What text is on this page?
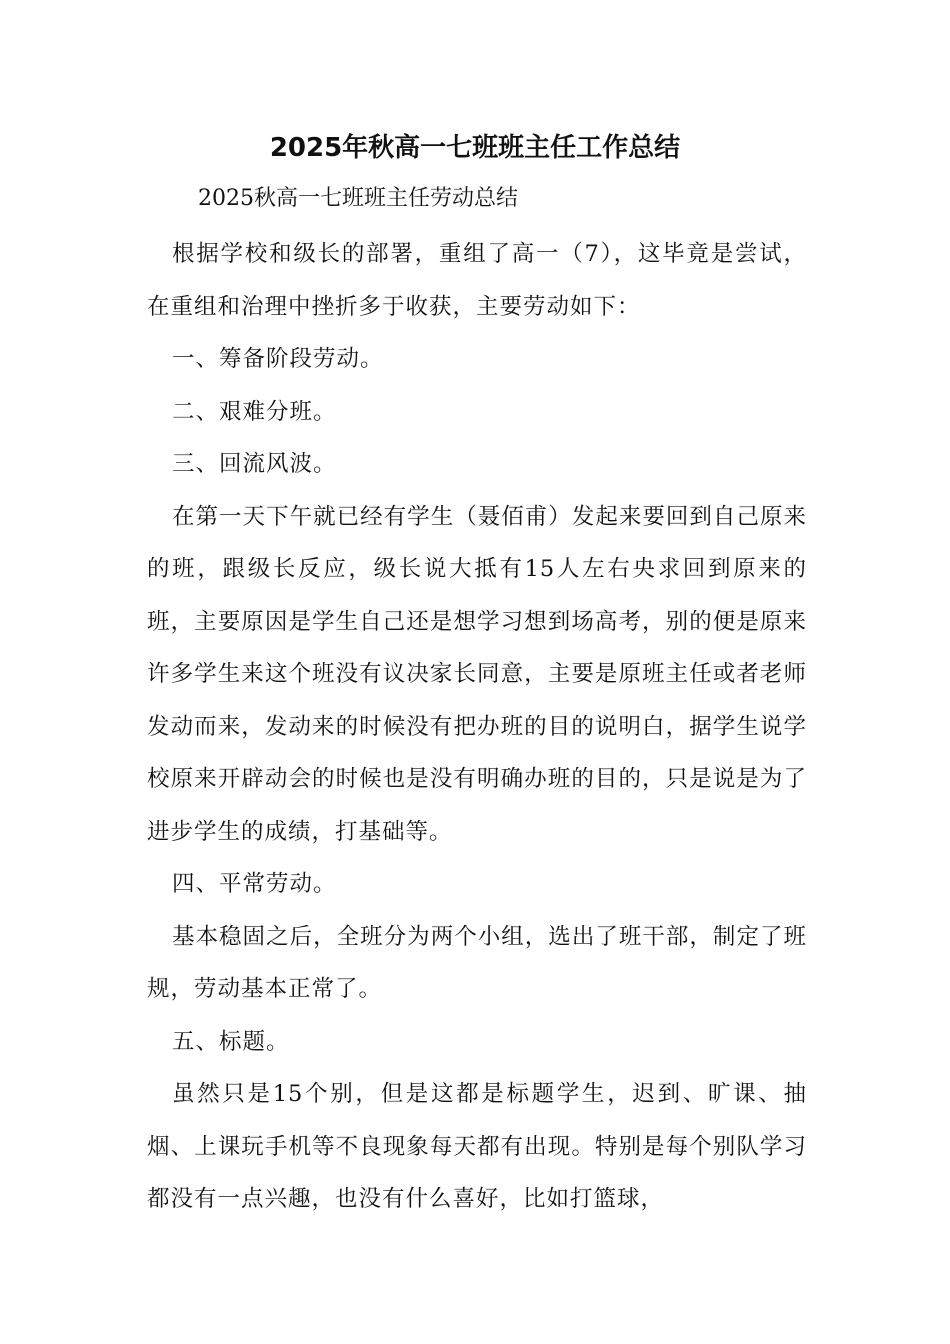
2025年秋高一七班班主任工作总结
2025秋高一七班班主任劳动总结

根据学校和级长的部署，重组了高一（7），这毕竟是尝试，在重组和治理中挫折多于收获，主要劳动如下：

一、筹备阶段劳动。

二、艰难分班。

三、回流风波。

在第一天下午就已经有学生（聂佰甫）发起来要回到自己原来的班，跟级长反应，级长说大抵有15人左右央求回到原来的班，主要原因是学生自己还是想学习想到场高考，别的便是原来许多学生来这个班没有议决家长同意，主要是原班主任或者老师发动而来，发动来的时候没有把办班的目的说明白，据学生说学校原来开辟动会的时候也是没有明确办班的目的，只是说是为了进步学生的成绩，打基础等。

四、平常劳动。

基本稳固之后，全班分为两个小组，选出了班干部，制定了班规，劳动基本正常了。

五、标题。

虽然只是15个别，但是这都是标题学生，迟到、旷课、抽烟、上课玩手机等不良现象每天都有出现。特别是每个别队学习都没有一点兴趣，也没有什么喜好，比如打篮球，
